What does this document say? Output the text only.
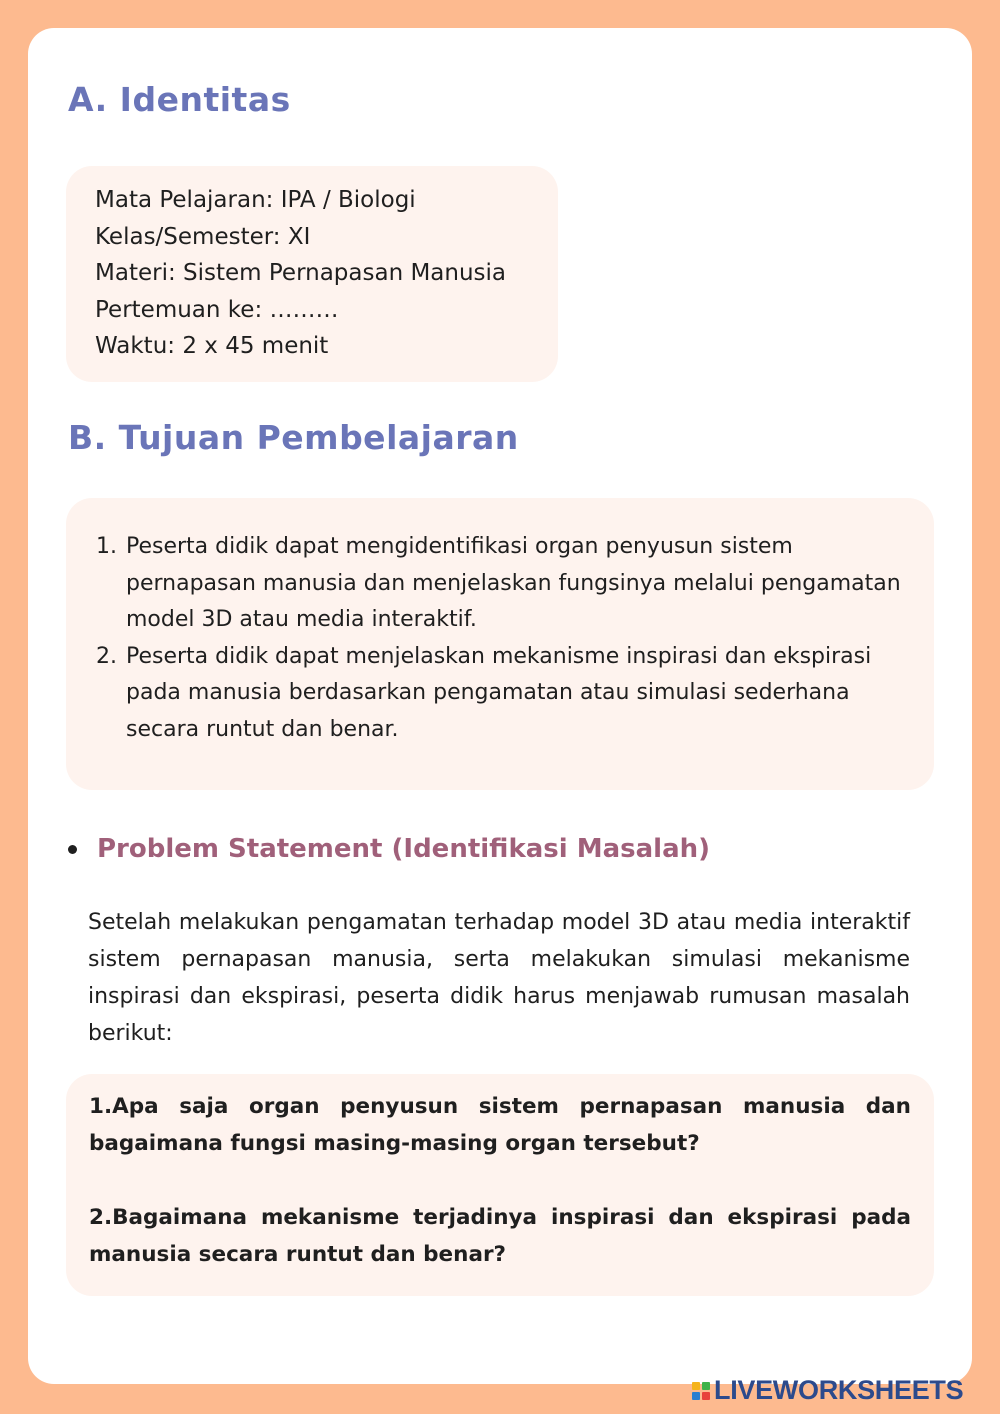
A. Identitas

Mata Pelajaran: IPA / Biologi

Kelas/Semester: XI

Materi: Sistem Pernapasan Manusia

Pertemuan ke: ………

Waktu: 2 x 45 menit

B. Tujuan Pembelajaran
1. Peserta didik dapat mengidentifikasi organ penyusun sistem pernapasan manusia dan menjelaskan fungsinya melalui pengamatan model 3D atau media interaktif.
2. Peserta didik dapat menjelaskan mekanisme inspirasi dan ekspirasi pada manusia berdasarkan pengamatan atau simulasi sederhana secara runtut dan benar.
Problem Statement (Identifikasi Masalah)

Setelah melakukan pengamatan terhadap model 3D atau media interaktif sistem pernapasan manusia, serta melakukan simulasi mekanisme inspirasi dan ekspirasi, peserta didik harus menjawab rumusan masalah berikut:

1.Apa saja organ penyusun sistem pernapasan manusia dan bagaimana fungsi masing-masing organ tersebut?

2.Bagaimana mekanisme terjadinya inspirasi dan ekspirasi pada manusia secara runtut dan benar?

LIVEWORKSHEETS
